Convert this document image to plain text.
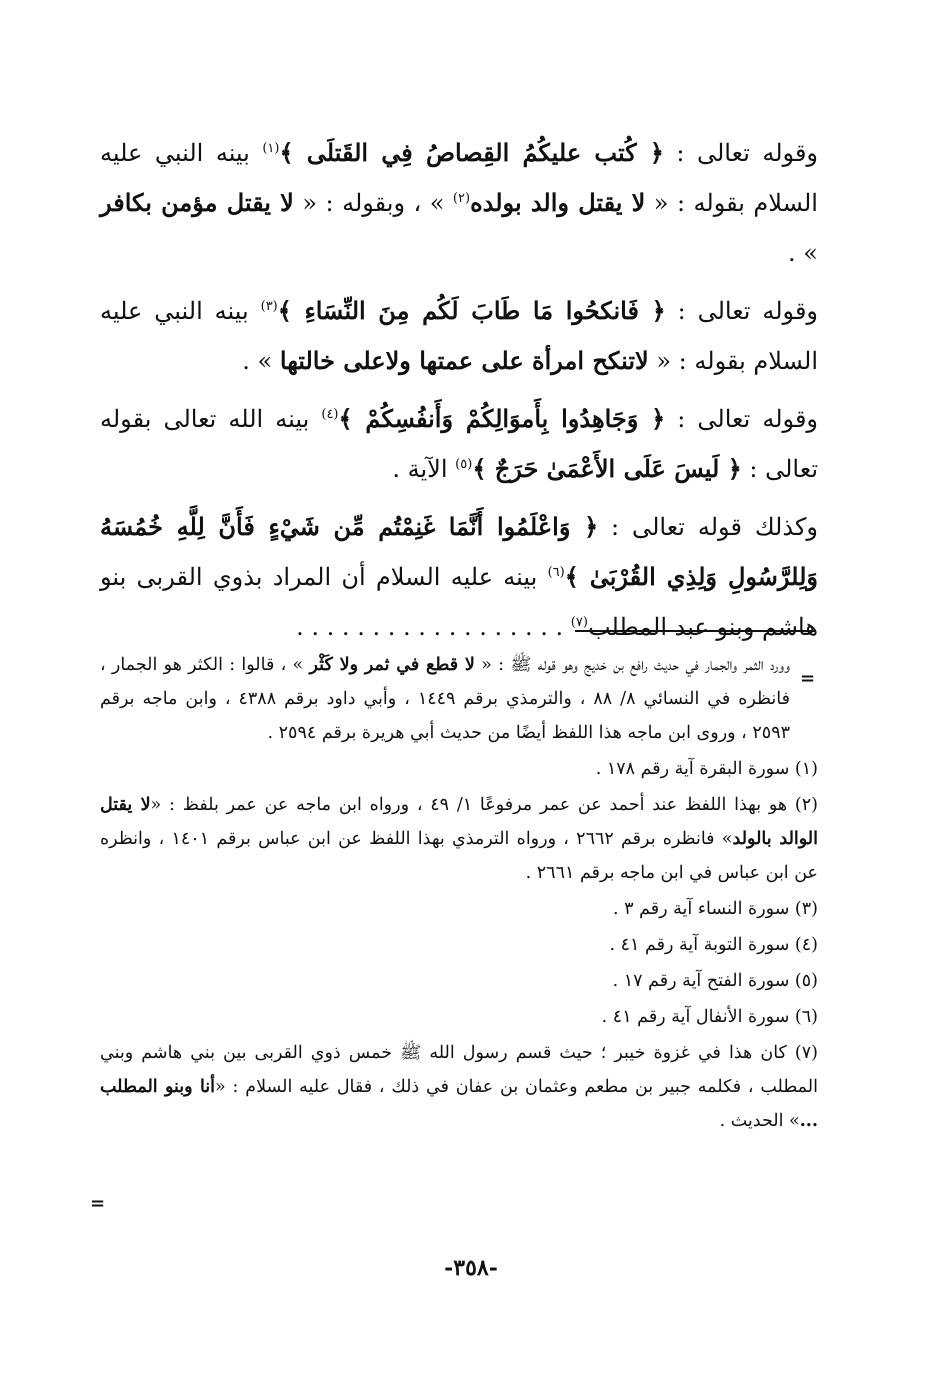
وقوله تعالى : ﴿ كُتب عليكُمُ القِصاصُ فِي القَتلَى ﴾$^{(١)}$ بينه النبي عليه السلام بقوله : « لا يقتل والد بولده$^{(٢)}$ » ، وبقوله : « لا يقتل مؤمن بكافر » .

وقوله تعالى : ﴿ فَانكحُوا مَا طَابَ لَكُم مِنَ النِّسَاءِ ﴾$^{(٣)}$ بينه النبي عليه السلام بقوله : « لاتنكح امرأة على عمتها ولاعلى خالتها » .

وقوله تعالى : ﴿ وَجَاهِدُوا بِأَموَالِكُمْ وَأَنفُسِكُمْ ﴾$^{(٤)}$ بينه الله تعالى بقوله تعالى : ﴿ لَيسَ عَلَى الأَعْمَىٰ حَرَجٌ ﴾$^{(٥)}$ الآية .

وكذلك قوله تعالى : ﴿ وَاعْلَمُوا أَنَّمَا غَنِمْتُم مِّن شَيْءٍ فَأَنَّ لِلَّهِ خُمُسَهُ وَلِلرَّسُولِ وَلِذِي القُرْبَىٰ ﴾$^{(٦)}$ بينه عليه السلام أن المراد بذوي القربى بنو هاشم وبنو عبد المطلب$^{(٧)}$ . . . . . . . . . . . . . . . . . .

=

وورد الثمر والجمار في حديث رافع بن خديج وهو قوله ﷺ : « لا قطع في ثمر ولا كَثْر » ، قالوا : الكثر هو الجمار ، فانظره في النسائي ٨/ ٨٨ ، والترمذي برقم ١٤٤٩ ، وأبي داود برقم ٤٣٨٨ ، وابن ماجه برقم ٢٥٩٣ ، وروى ابن ماجه هذا اللفظ أيضًا من حديث أبي هريرة برقم ٢٥٩٤ .

(١) سورة البقرة آية رقم ١٧٨ .

(٢) هو بهذا اللفظ عند أحمد عن عمر مرفوعًا ١/ ٤٩ ، ورواه ابن ماجه عن عمر بلفظ : «لا يقتل الوالد بالولد» فانظره برقم ٢٦٦٢ ، ورواه الترمذي بهذا اللفظ عن ابن عباس برقم ١٤٠١ ، وانظره عن ابن عباس في ابن ماجه برقم ٢٦٦١ .

(٣) سورة النساء آية رقم ٣ .

(٤) سورة التوبة آية رقم ٤١ .

(٥) سورة الفتح آية رقم ١٧ .

(٦) سورة الأنفال آية رقم ٤١ .

(٧) كان هذا في غزوة خيبر ؛ حيث قسم رسول الله ﷺ خمس ذوي القربى بين بني هاشم وبني المطلب ، فكلمه جبير بن مطعم وعثمان بن عفان في ذلك ، فقال عليه السلام : «أنا وبنو المطلب ...» الحديث .

=
-٣٥٨-
